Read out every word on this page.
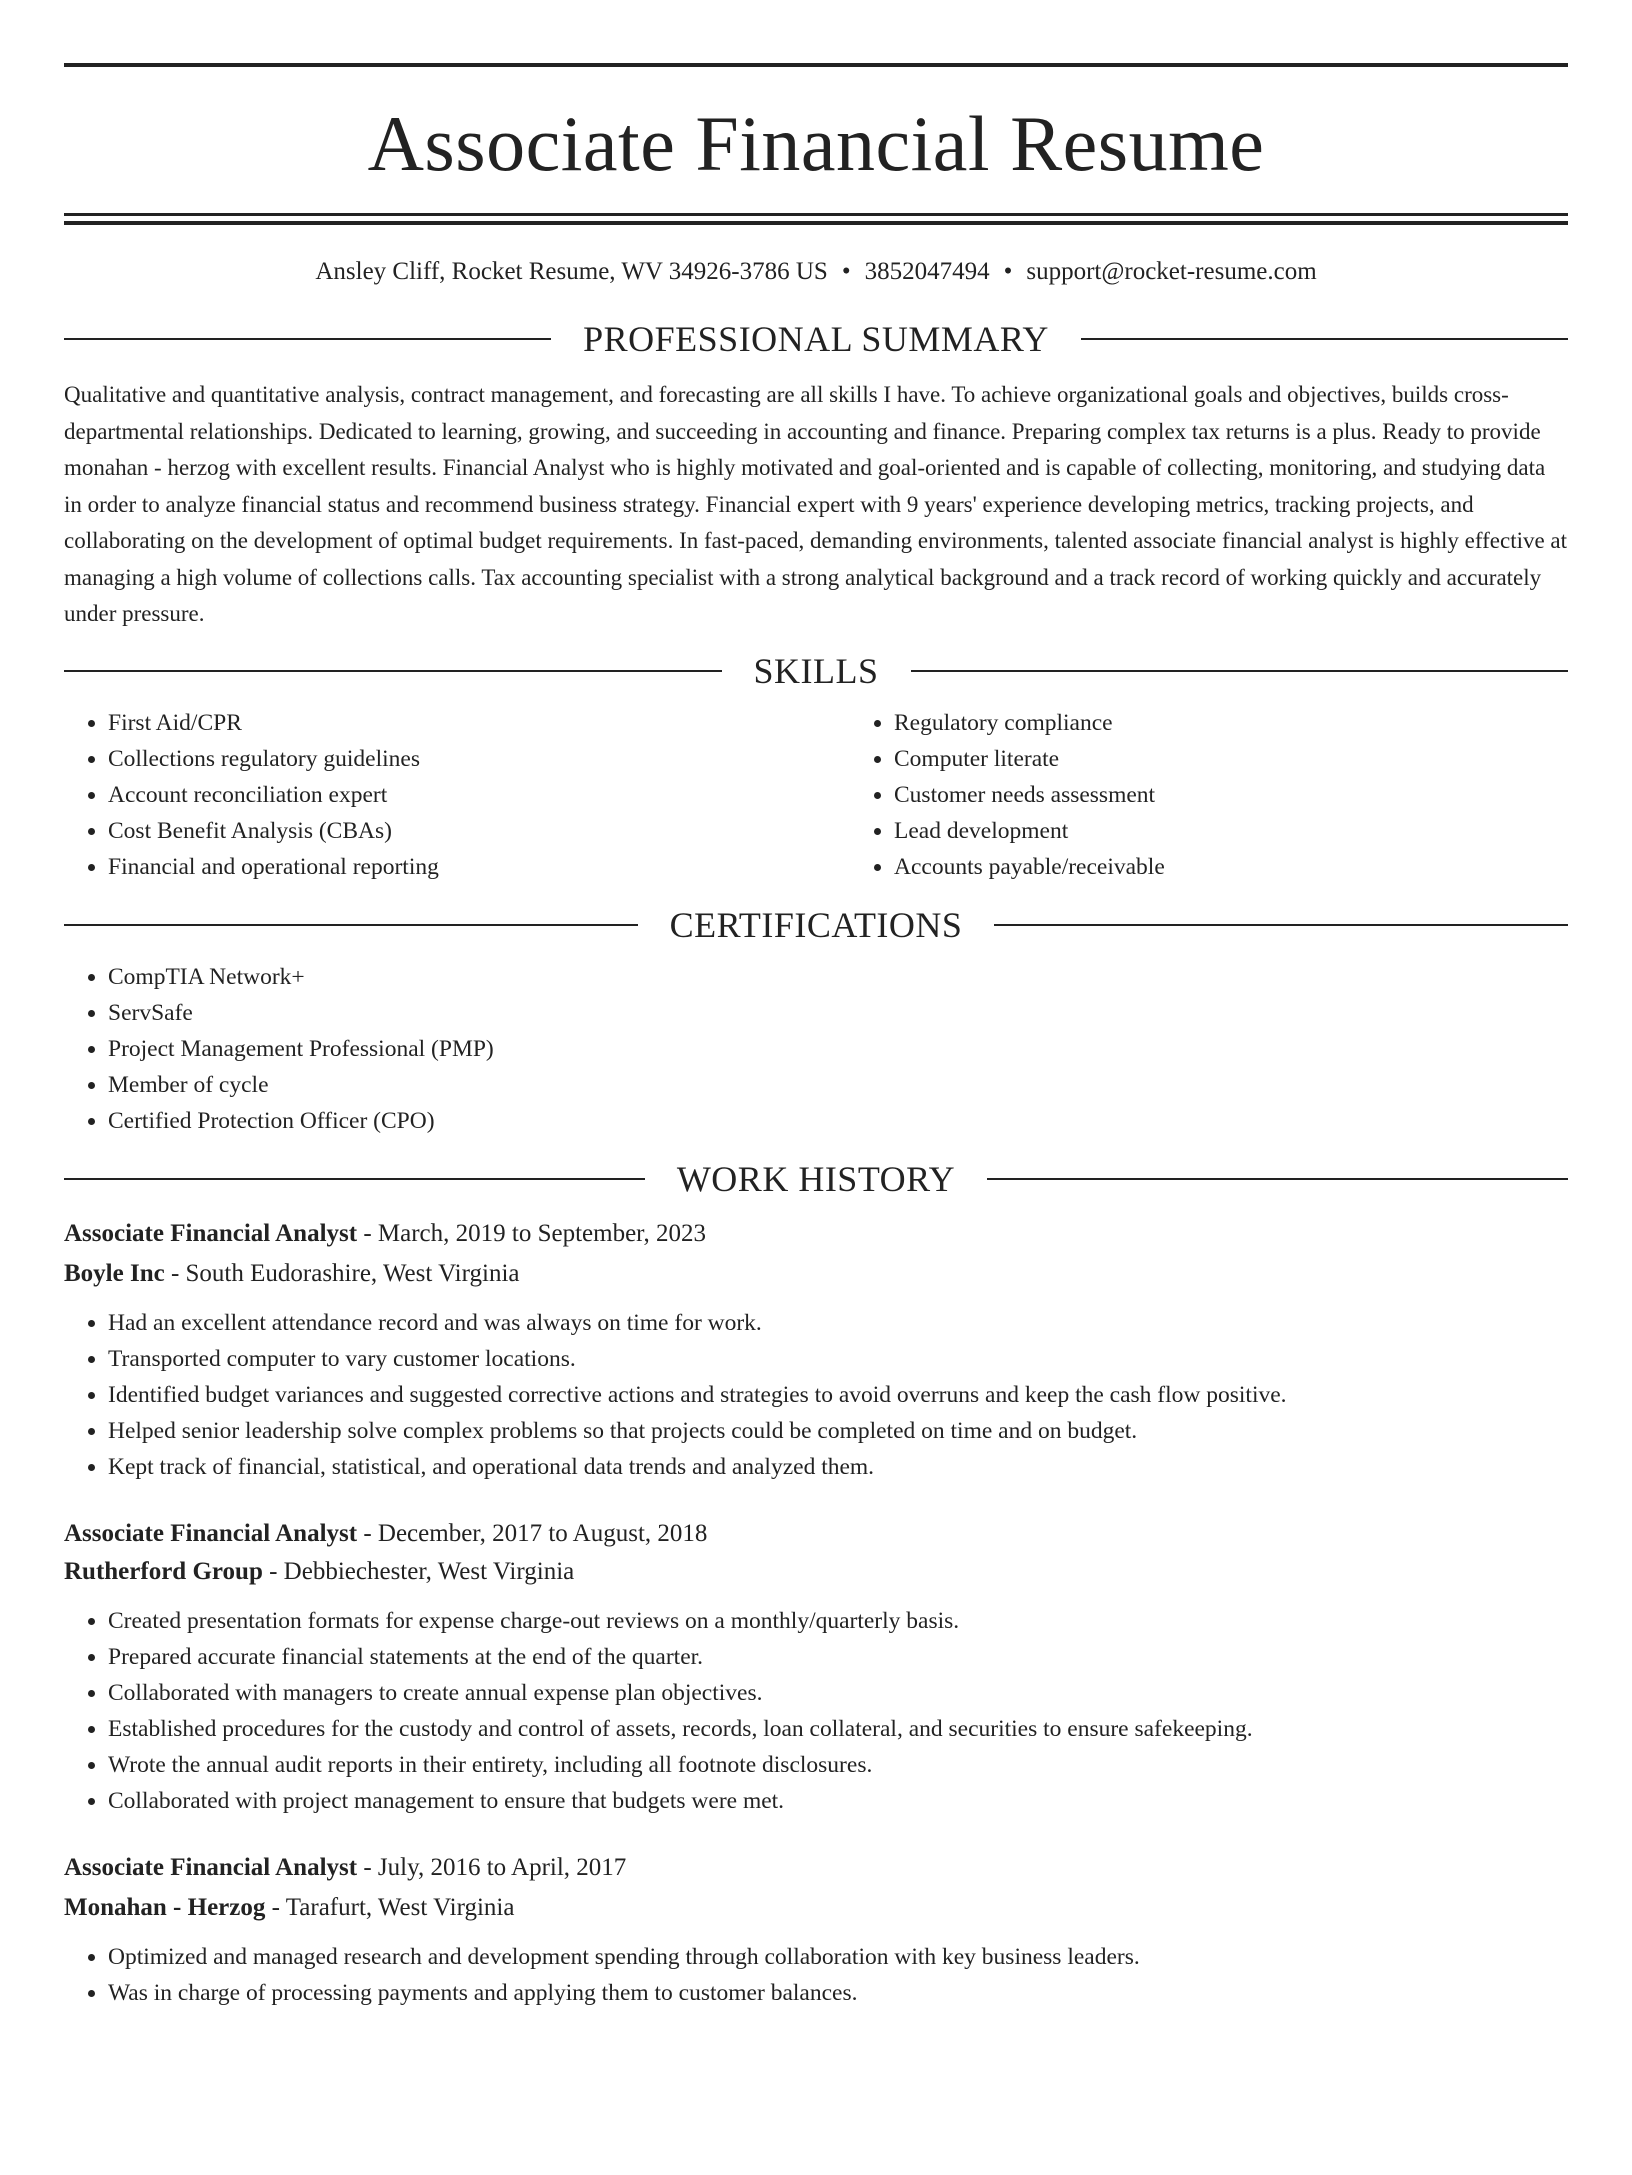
Associate Financial Resume
Ansley Cliff, Rocket Resume, WV 34926-3786 US • 3852047494 • support@rocket-resume.com
PROFESSIONAL SUMMARY

Qualitative and quantitative analysis, contract management, and forecasting are all skills I have. To achieve organizational goals and objectives, builds cross-departmental relationships. Dedicated to learning, growing, and succeeding in accounting and finance. Preparing complex tax returns is a plus. Ready to provide monahan - herzog with excellent results. Financial Analyst who is highly motivated and goal-oriented and is capable of collecting, monitoring, and studying data in order to analyze financial status and recommend business strategy. Financial expert with 9 years' experience developing metrics, tracking projects, and collaborating on the development of optimal budget requirements. In fast-paced, demanding environments, talented associate financial analyst is highly effective at managing a high volume of collections calls. Tax accounting specialist with a strong analytical background and a track record of working quickly and accurately under pressure.

SKILLS
• First Aid/CPR
• Collections regulatory guidelines
• Account reconciliation expert
• Cost Benefit Analysis (CBAs)
• Financial and operational reporting
• Regulatory compliance
• Computer literate
• Customer needs assessment
• Lead development
• Accounts payable/receivable
CERTIFICATIONS
• CompTIA Network+
• ServSafe
• Project Management Professional (PMP)
• Member of cycle
• Certified Protection Officer (CPO)
WORK HISTORY

Associate Financial Analyst - March, 2019 to September, 2023

Boyle Inc - South Eudorashire, West Virginia

• Had an excellent attendance record and was always on time for work.
• Transported computer to vary customer locations.
• Identified budget variances and suggested corrective actions and strategies to avoid overruns and keep the cash flow positive.
• Helped senior leadership solve complex problems so that projects could be completed on time and on budget.
• Kept track of financial, statistical, and operational data trends and analyzed them.

Associate Financial Analyst - December, 2017 to August, 2018

Rutherford Group - Debbiechester, West Virginia

• Created presentation formats for expense charge-out reviews on a monthly/quarterly basis.
• Prepared accurate financial statements at the end of the quarter.
• Collaborated with managers to create annual expense plan objectives.
• Established procedures for the custody and control of assets, records, loan collateral, and securities to ensure safekeeping.
• Wrote the annual audit reports in their entirety, including all footnote disclosures.
• Collaborated with project management to ensure that budgets were met.

Associate Financial Analyst - July, 2016 to April, 2017

Monahan - Herzog - Tarafurt, West Virginia

• Optimized and managed research and development spending through collaboration with key business leaders.
• Was in charge of processing payments and applying them to customer balances.
